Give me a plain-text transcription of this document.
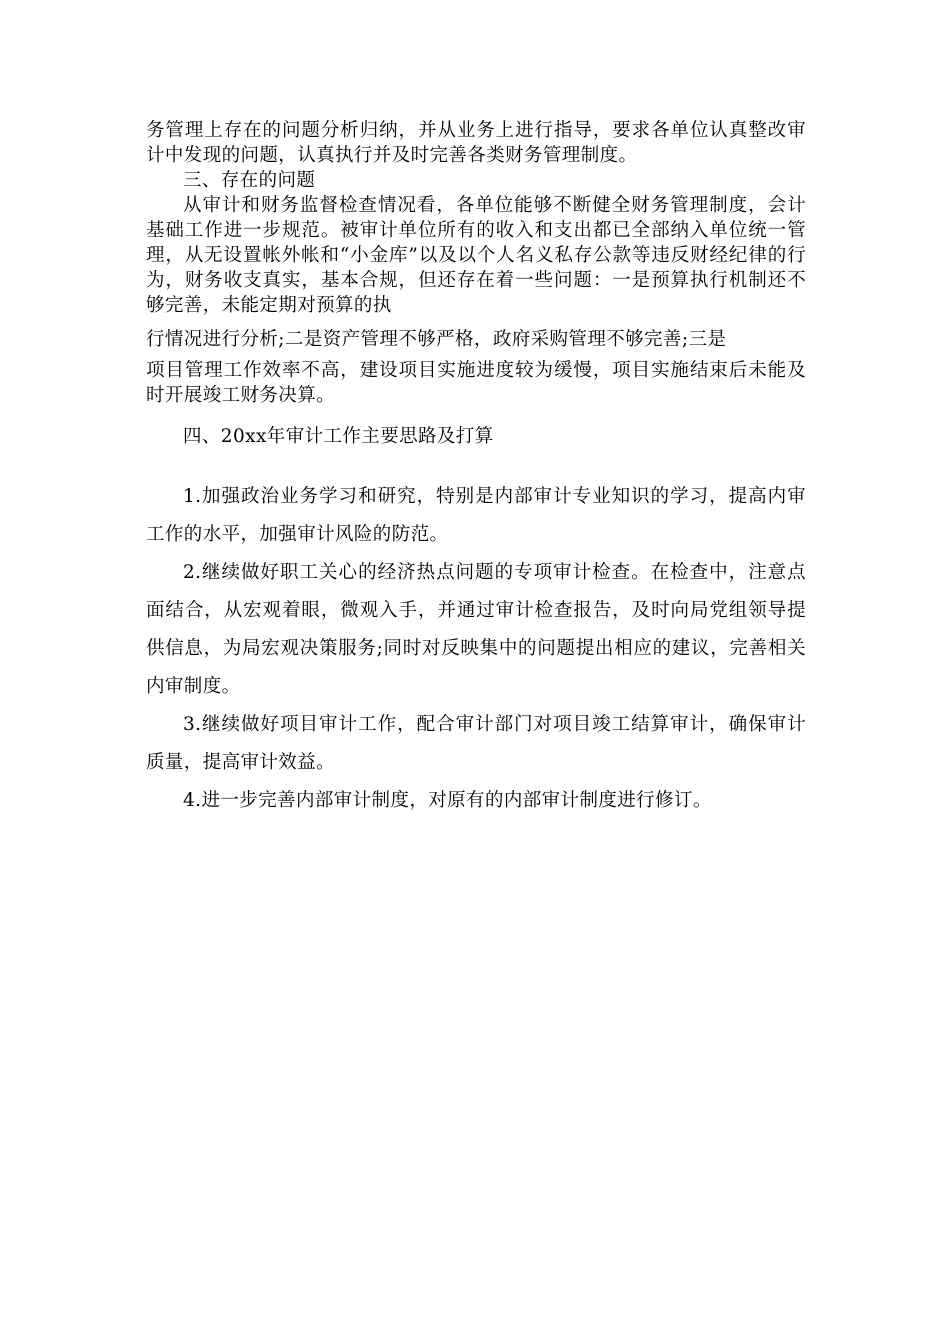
务管理上存在的问题分析归纳，并从业务上进行指导，要求各单位认真整改审计中发现的问题，认真执行并及时完善各类财务管理制度。

三、存在的问题

从审计和财务监督检查情况看，各单位能够不断健全财务管理制度，会计基础工作进一步规范。被审计单位所有的收入和支出都已全部纳入单位统一管理，从无设置帐外帐和“小金库”以及以个人名义私存公款等违反财经纪律的行为，财务收支真实，基本合规，但还存在着一些问题：一是预算执行机制还不够完善，未能定期对预算的执

行情况进行分析;二是资产管理不够严格，政府采购管理不够完善;三是

项目管理工作效率不高，建设项目实施进度较为缓慢，项目实施结束后未能及时开展竣工财务决算。

四、20xx年审计工作主要思路及打算

1.加强政治业务学习和研究，特别是内部审计专业知识的学习，提高内审工作的水平，加强审计风险的防范。

2.继续做好职工关心的经济热点问题的专项审计检查。在检查中，注意点面结合，从宏观着眼，微观入手，并通过审计检查报告，及时向局党组领导提供信息，为局宏观决策服务;同时对反映集中的问题提出相应的建议，完善相关内审制度。

3.继续做好项目审计工作，配合审计部门对项目竣工结算审计，确保审计质量，提高审计效益。

4.进一步完善内部审计制度，对原有的内部审计制度进行修订。
